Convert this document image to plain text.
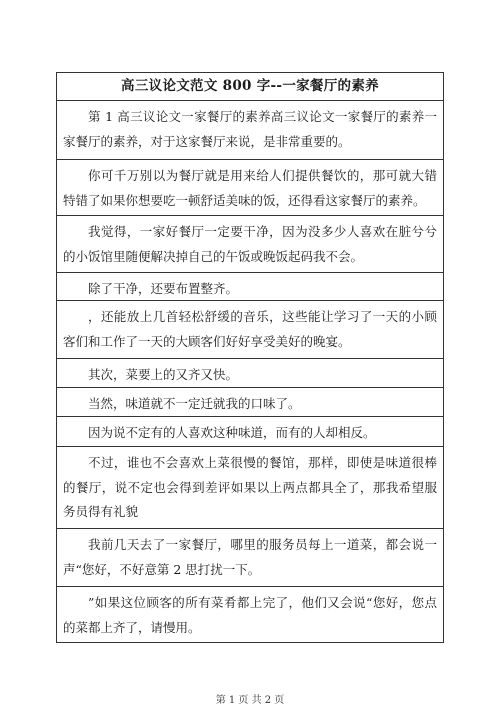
高三议论文范文 800 字--一家餐厅的素养
第 1 高三议论文一家餐厅的素养高三议论文一家餐厅的素养一家餐厅的素养，对于这家餐厅来说，是非常重要的。
你可千万别以为餐厅就是用来给人们提供餐饮的，那可就大错特错了如果你想要吃一顿舒适美味的饭，还得看这家餐厅的素养。
我觉得，一家好餐厅一定要干净，因为没多少人喜欢在脏兮兮的小饭馆里随便解决掉自己的午饭或晚饭起码我不会。
除了干净，还要布置整齐。
，还能放上几首轻松舒缓的音乐，这些能让学习了一天的小顾客们和工作了一天的大顾客们好好享受美好的晚宴。
其次，菜要上的又齐又快。
当然，味道就不一定迁就我的口味了。
因为说不定有的人喜欢这种味道，而有的人却相反。
不过，谁也不会喜欢上菜很慢的餐馆，那样，即使是味道很棒的餐厅，说不定也会得到差评如果以上两点都具全了，那我希望服务员得有礼貌
我前几天去了一家餐厅，哪里的服务员每上一道菜，都会说一声“您好，不好意第 2 思打扰一下。
”如果这位顾客的所有菜肴都上完了，他们又会说“您好，您点的菜都上齐了，请慢用。
第 1 页 共 2 页
